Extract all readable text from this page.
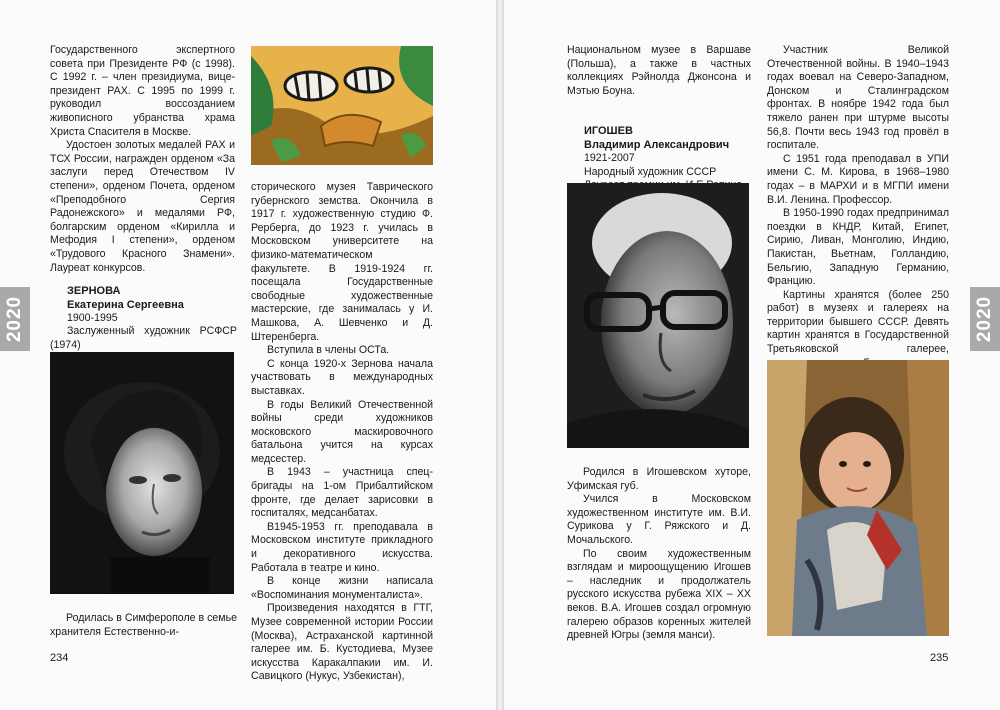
Государственного экспертного совета при Президенте РФ (с 1998). С 1992 г. – член президиума, вице-президент РАХ. С 1995 по 1999 г. руководил воссозданием живописного убранства храма Христа Спасителя в Москве.

Удостоен золотых медалей РАХ и ТСХ России, награжден орденом «За заслуги перед Отечеством IV степени», орденом Почета, орденом «Преподобного Сергия Радонежского» и медалями РФ, болгарским орденом «Кирилла и Мефодия I степени», орденом «Трудового Красного Знамени». Лауреат конкурсов.

ЗЕРНОВА
Екатерина Сергеевна
1900-1995
Заслуженный художник РСФСР (1974)

Родилась в Симферополе в семье хранителя Естественно-и-

сторического музея Таврического губернского земства. Окончила в 1917 г. художественную студию Ф. Рерберга, до 1923 г. училась в Московском университете на физико-математическом факультете. В 1919-1924 гг. посещала Государственные свободные художественные мастерские, где занималась у И. Машкова, А. Шевченко и Д. Штеренберга.

Вступила в члены ОСТа.

С конца 1920-х Зернова начала участвовать в международных выставках.

В годы Великий Отечественной войны среди художников московского маскировочного батальона учится на курсах медсестер.

В 1943 – участница спец-бригады на 1-ом Прибалтийском фронте, где делает зарисовки в госпиталях, медсанбатах.

В1945-1953 гг. преподавала в Московском институте прикладного и декоративного искусства. Работала в театре и кино.

В конце жизни написала «Воспоминания монументалиста».

Произведения находятся в ГТГ, Музее современной истории России (Москва), Астраханской картинной галерее им. Б. Кустодиева, Музее искусства Каракалпакии им. И. Савицкого (Нукус, Узбекистан),

2020
234

Национальном музее в Варшаве (Польша), а также в частных коллекциях Рэйнолда Джонсона и Мэтью Боуна.

ИГОШЕВ
Владимир Александрович
1921-2007
Народный художник СССР

Родился в Игошевском хуторе, Уфимская губ.

Учился в Московском художественном институте им. В.И. Сурикова у Г. Ряжского и Д. Мочальского.

По своим художественным взглядам и мироощущению Игошев – наследник и продолжатель русского искусства рубежа XIX – XX веков. В.А. Игошев создал огромную галерею образов коренных жителей древней Югры (земля манси).

Участник Великой Отечественной войны. В 1940–1943 годах воевал на Северо-Западном, Донском и Сталинградском фронтах. В ноябре 1942 года был тяжело ранен при штурме высоты 56,8. Почти весь 1943 год провёл в госпитале.

С 1951 года преподавал в УПИ имени С. М. Кирова, в 1968–1980 годах – в МАРХИ и в МГПИ имени В.И. Ленина. Профессор.

В 1950-1990 годах предпринимал поездки в КНДР, Китай, Египет, Сирию, Ливан, Монголию, Индию, Пакистан, Вьетнам, Голландию, Бельгию, Западную Германию, Францию.

Картины хранятся (более 250 работ) в музеях и галереях на территории бывшего СССР. Девять картин хранятся в Государственной Третьяковской галерее,

2020
235
